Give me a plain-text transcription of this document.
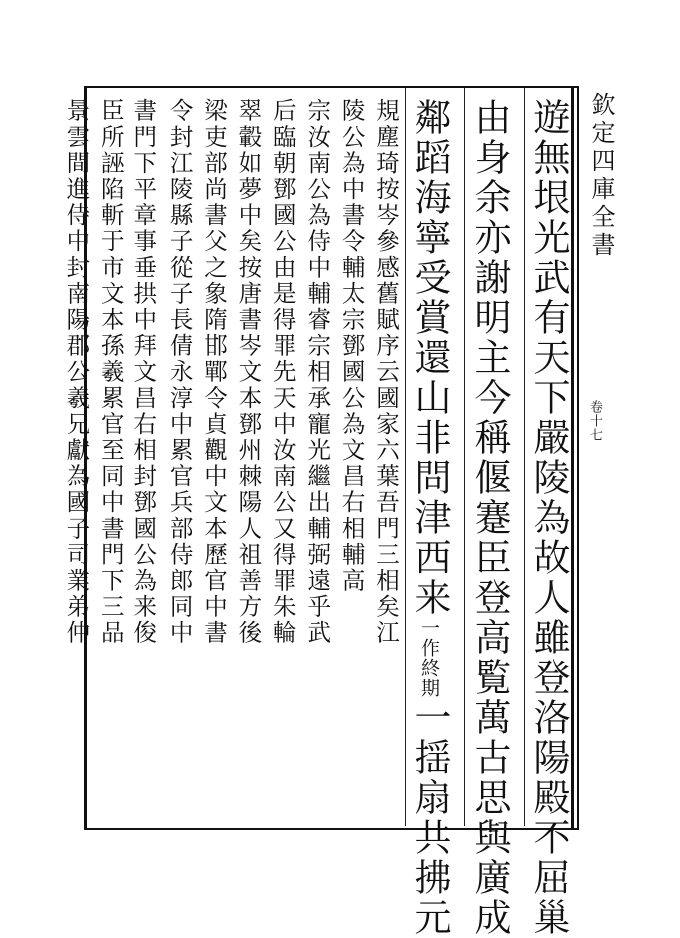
欽定四庫全書
卷十七
遊無垠光武有天下嚴陵為故人雖登洛陽殿不屈巢
由身余亦謝明主今稱偃蹇臣登高覧萬古思與廣成
鄰蹈海寧受賞還山非問津西来一作終期一揺扇共拂元
規塵琦按岑參感舊賦序云國家六葉吾門三相矣江
陵公為中書令輔太宗鄧國公為文昌右相輔高
宗汝南公為侍中輔睿宗相承寵光繼出輔弼遠乎武
后臨朝鄧國公由是得罪先天中汝南公又得罪朱輪
翠轂如夢中矣按唐書岑文本鄧州棘陽人祖善方後
梁吏部尚書父之象隋邯鄲令貞觀中文本歷官中書
令封江陵縣子從子長倩永淳中累官兵部侍郎同中
書門下平章事垂拱中拜文昌右相封鄧國公為来俊
臣所誣陷斬于市文本孫羲累官至同中書門下三品
景雲間進侍中封南陽郡公羲兄獻為國子司業弟仲
